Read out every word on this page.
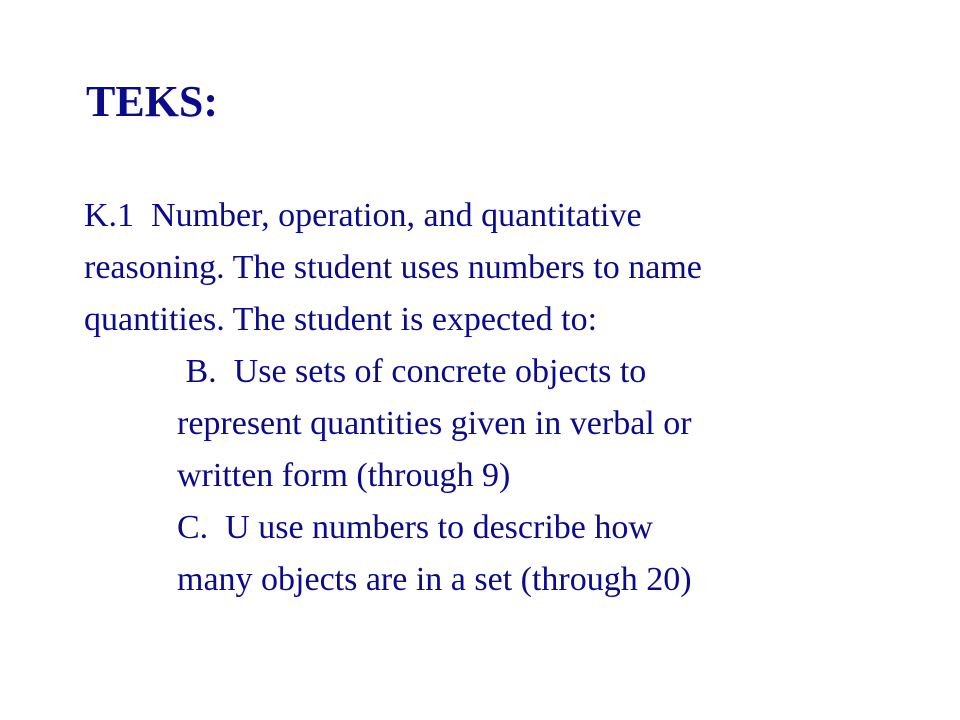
TEKS:
K.1  Number, operation, and quantitative
reasoning. The student uses numbers to name
quantities. The student is expected to:
B.  Use sets of concrete objects to
represent quantities given in verbal or
written form (through 9)
C.  U use numbers to describe how
many objects are in a set (through 20)
